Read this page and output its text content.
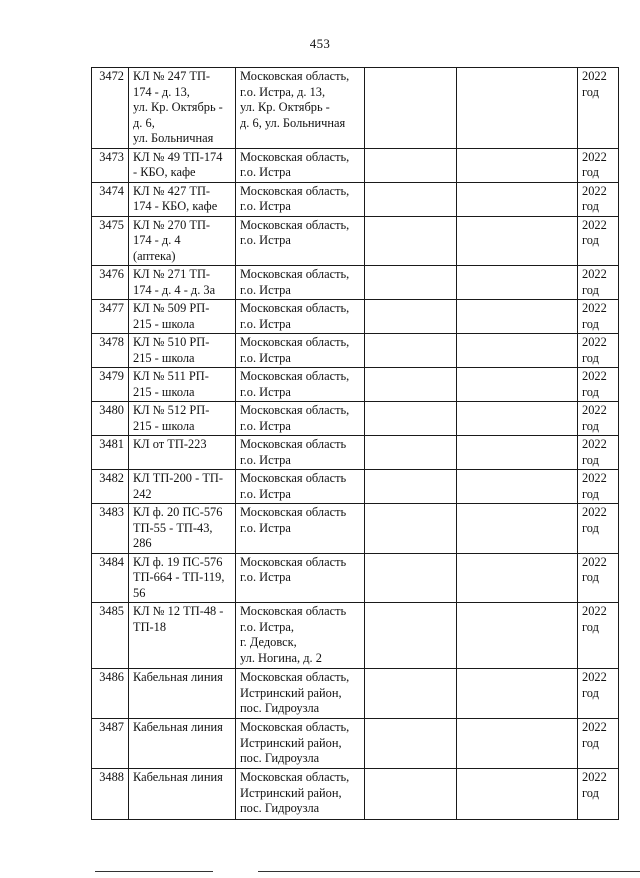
453
3472	КЛ № 247 ТП-
174 - д. 13,
ул. Кр. Октябрь -
д. 6,
ул. Больничная	Московская область,
г.о. Истра, д. 13,
ул. Кр. Октябрь -
д. 6, ул. Больничная			2022
год

3473	КЛ № 49 ТП-174
- КБО, кафе	Московская область,
г.о. Истра			2022
год

3474	КЛ № 427 ТП-
174 - КБО, кафе	Московская область,
г.о. Истра			2022
год

3475	КЛ № 270 ТП-
174 - д. 4
(аптека)	Московская область,
г.о. Истра			2022
год

3476	КЛ № 271 ТП-
174 - д. 4 - д. 3а	Московская область,
г.о. Истра			2022
год

3477	КЛ № 509 РП-
215 - школа	Московская область,
г.о. Истра			2022
год

3478	КЛ № 510 РП-
215 - школа	Московская область,
г.о. Истра			2022
год

3479	КЛ № 511 РП-
215 - школа	Московская область,
г.о. Истра			2022
год

3480	КЛ № 512 РП-
215 - школа	Московская область,
г.о. Истра			2022
год

3481	КЛ от ТП-223	Московская область
г.о. Истра			2022
год

3482	КЛ ТП-200 - ТП-
242	Московская область
г.о. Истра			2022
год

3483	КЛ ф. 20 ПС-576
ТП-55 - ТП-43,
286	Московская область
г.о. Истра			2022
год

3484	КЛ ф. 19 ПС-576
ТП-664 - ТП-119,
56	Московская область
г.о. Истра			2022
год

3485	КЛ № 12 ТП-48 -
ТП-18	Московская область
г.о. Истра,
г. Дедовск,
ул. Ногина, д. 2			2022
год

3486	Кабельная линия	Московская область,
Истринский район,
пос. Гидроузла			2022
год

3487	Кабельная линия	Московская область,
Истринский район,
пос. Гидроузла			2022
год

3488	Кабельная линия	Московская область,
Истринский район,
пос. Гидроузла			2022
год
